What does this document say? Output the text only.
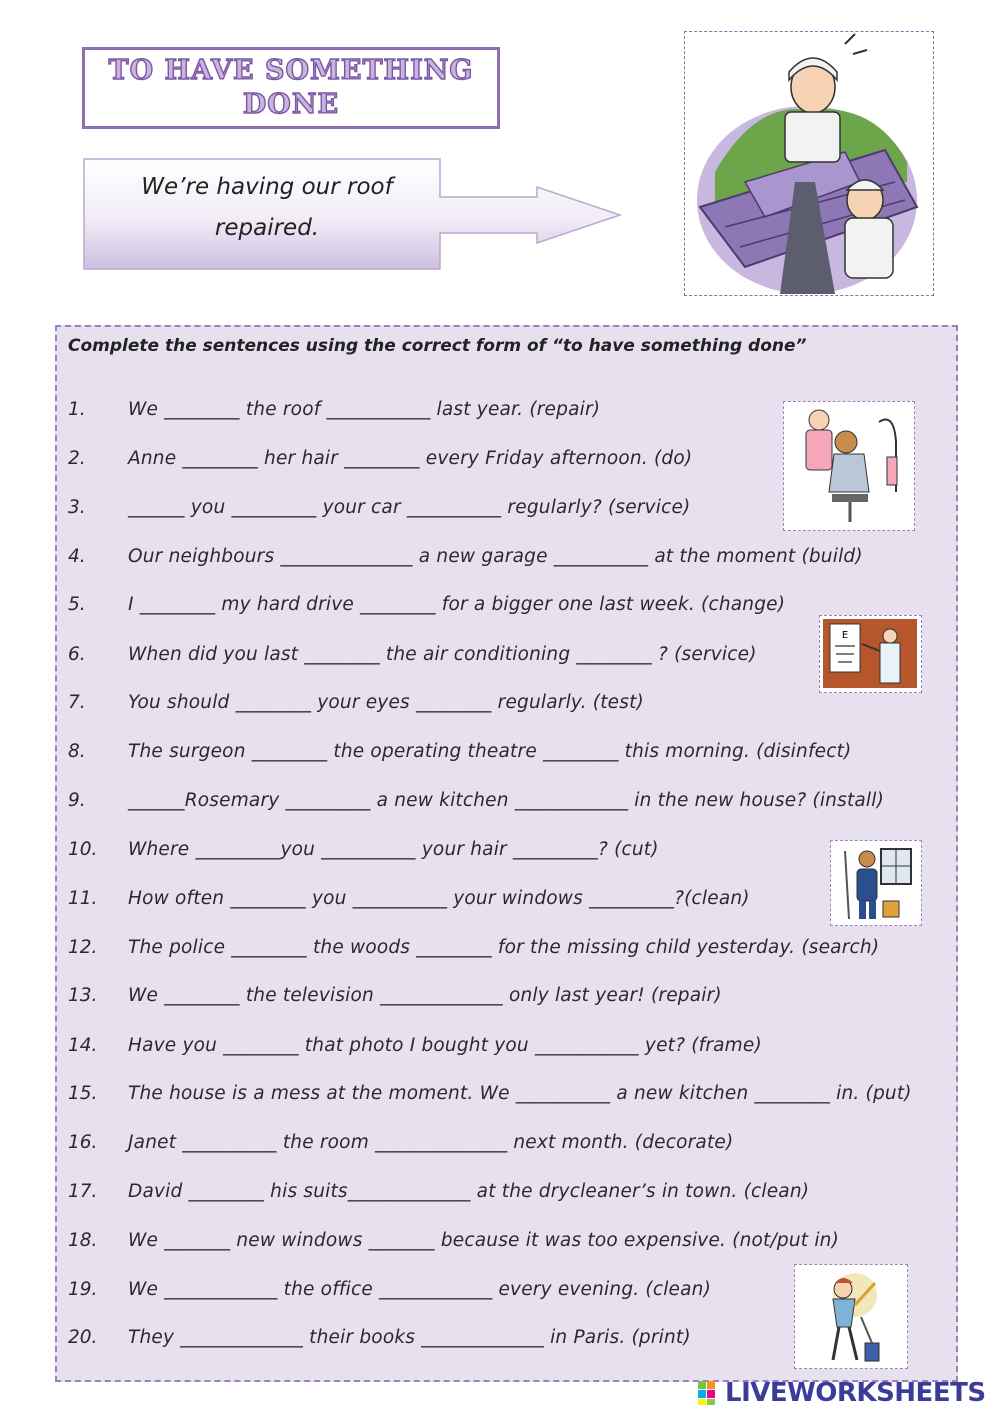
TO HAVE SOMETHING
DONE
We’re having our roof
repaired.
Complete the sentences using the correct form of “to have something done”
1. We ________ the roof ___________ last year. (repair)
2. Anne ________ her hair ________ every Friday afternoon. (do)
3. ______ you _________ your car __________ regularly? (service)
4. Our neighbours ______________ a new garage __________ at the moment (build)
5. I ________ my hard drive ________ for a bigger one last week. (change)
6. When did you last ________ the air conditioning ________ ? (service)
7. You should ________ your eyes ________ regularly. (test)
8. The surgeon ________ the operating theatre ________ this morning. (disinfect)
9. ______Rosemary _________ a new kitchen ____________ in the new house? (install)
10. Where _________you __________ your hair _________? (cut)
11. How often ________ you __________ your windows _________?(clean)
12. The police ________ the woods ________ for the missing child yesterday. (search)
13. We ________ the television _____________ only last year! (repair)
14. Have you ________ that photo I bought you ___________ yet? (frame)
15. The house is a mess at the moment. We __________ a new kitchen ________ in. (put)
16. Janet __________ the room ______________ next month. (decorate)
17. David ________ his suits_____________ at the drycleaner’s in town. (clean)
18. We _______ new windows _______ because it was too expensive. (not/put in)
19. We ____________ the office ____________ every evening. (clean)
20. They _____________ their books _____________ in Paris. (print)
E
LIVEWORKSHEETS
